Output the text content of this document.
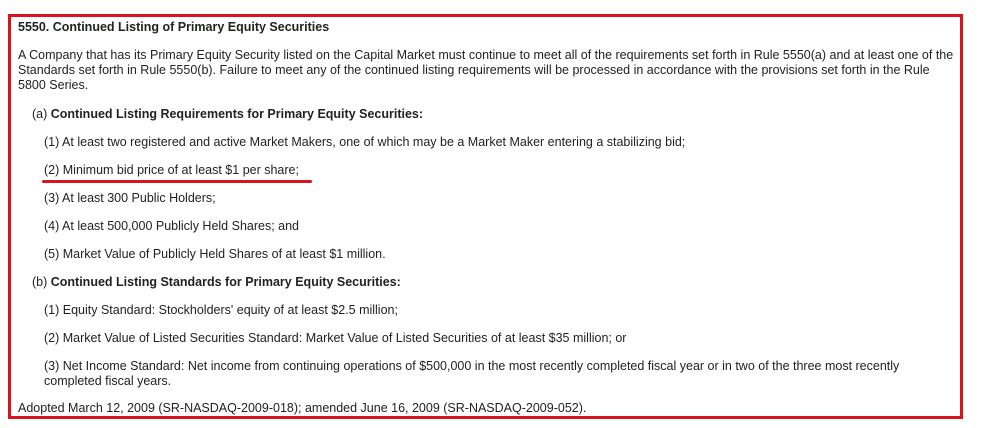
5550. Continued Listing of Primary Equity Securities

A Company that has its Primary Equity Security listed on the Capital Market must continue to meet all of the requirements set forth in Rule 5550(a) and at least one of the Standards set forth in Rule 5550(b). Failure to meet any of the continued listing requirements will be processed in accordance with the provisions set forth in the Rule 5800 Series.

(a) Continued Listing Requirements for Primary Equity Securities:

(1) At least two registered and active Market Makers, one of which may be a Market Maker entering a stabilizing bid;

(2) Minimum bid price of at least $1 per share;

(3) At least 300 Public Holders;

(4) At least 500,000 Publicly Held Shares; and

(5) Market Value of Publicly Held Shares of at least $1 million.

(b) Continued Listing Standards for Primary Equity Securities:

(1) Equity Standard: Stockholders' equity of at least $2.5 million;

(2) Market Value of Listed Securities Standard: Market Value of Listed Securities of at least $35 million; or

(3) Net Income Standard: Net income from continuing operations of $500,000 in the most recently completed fiscal year or in two of the three most recently completed fiscal years.

Adopted March 12, 2009 (SR-NASDAQ-2009-018); amended June 16, 2009 (SR-NASDAQ-2009-052).
